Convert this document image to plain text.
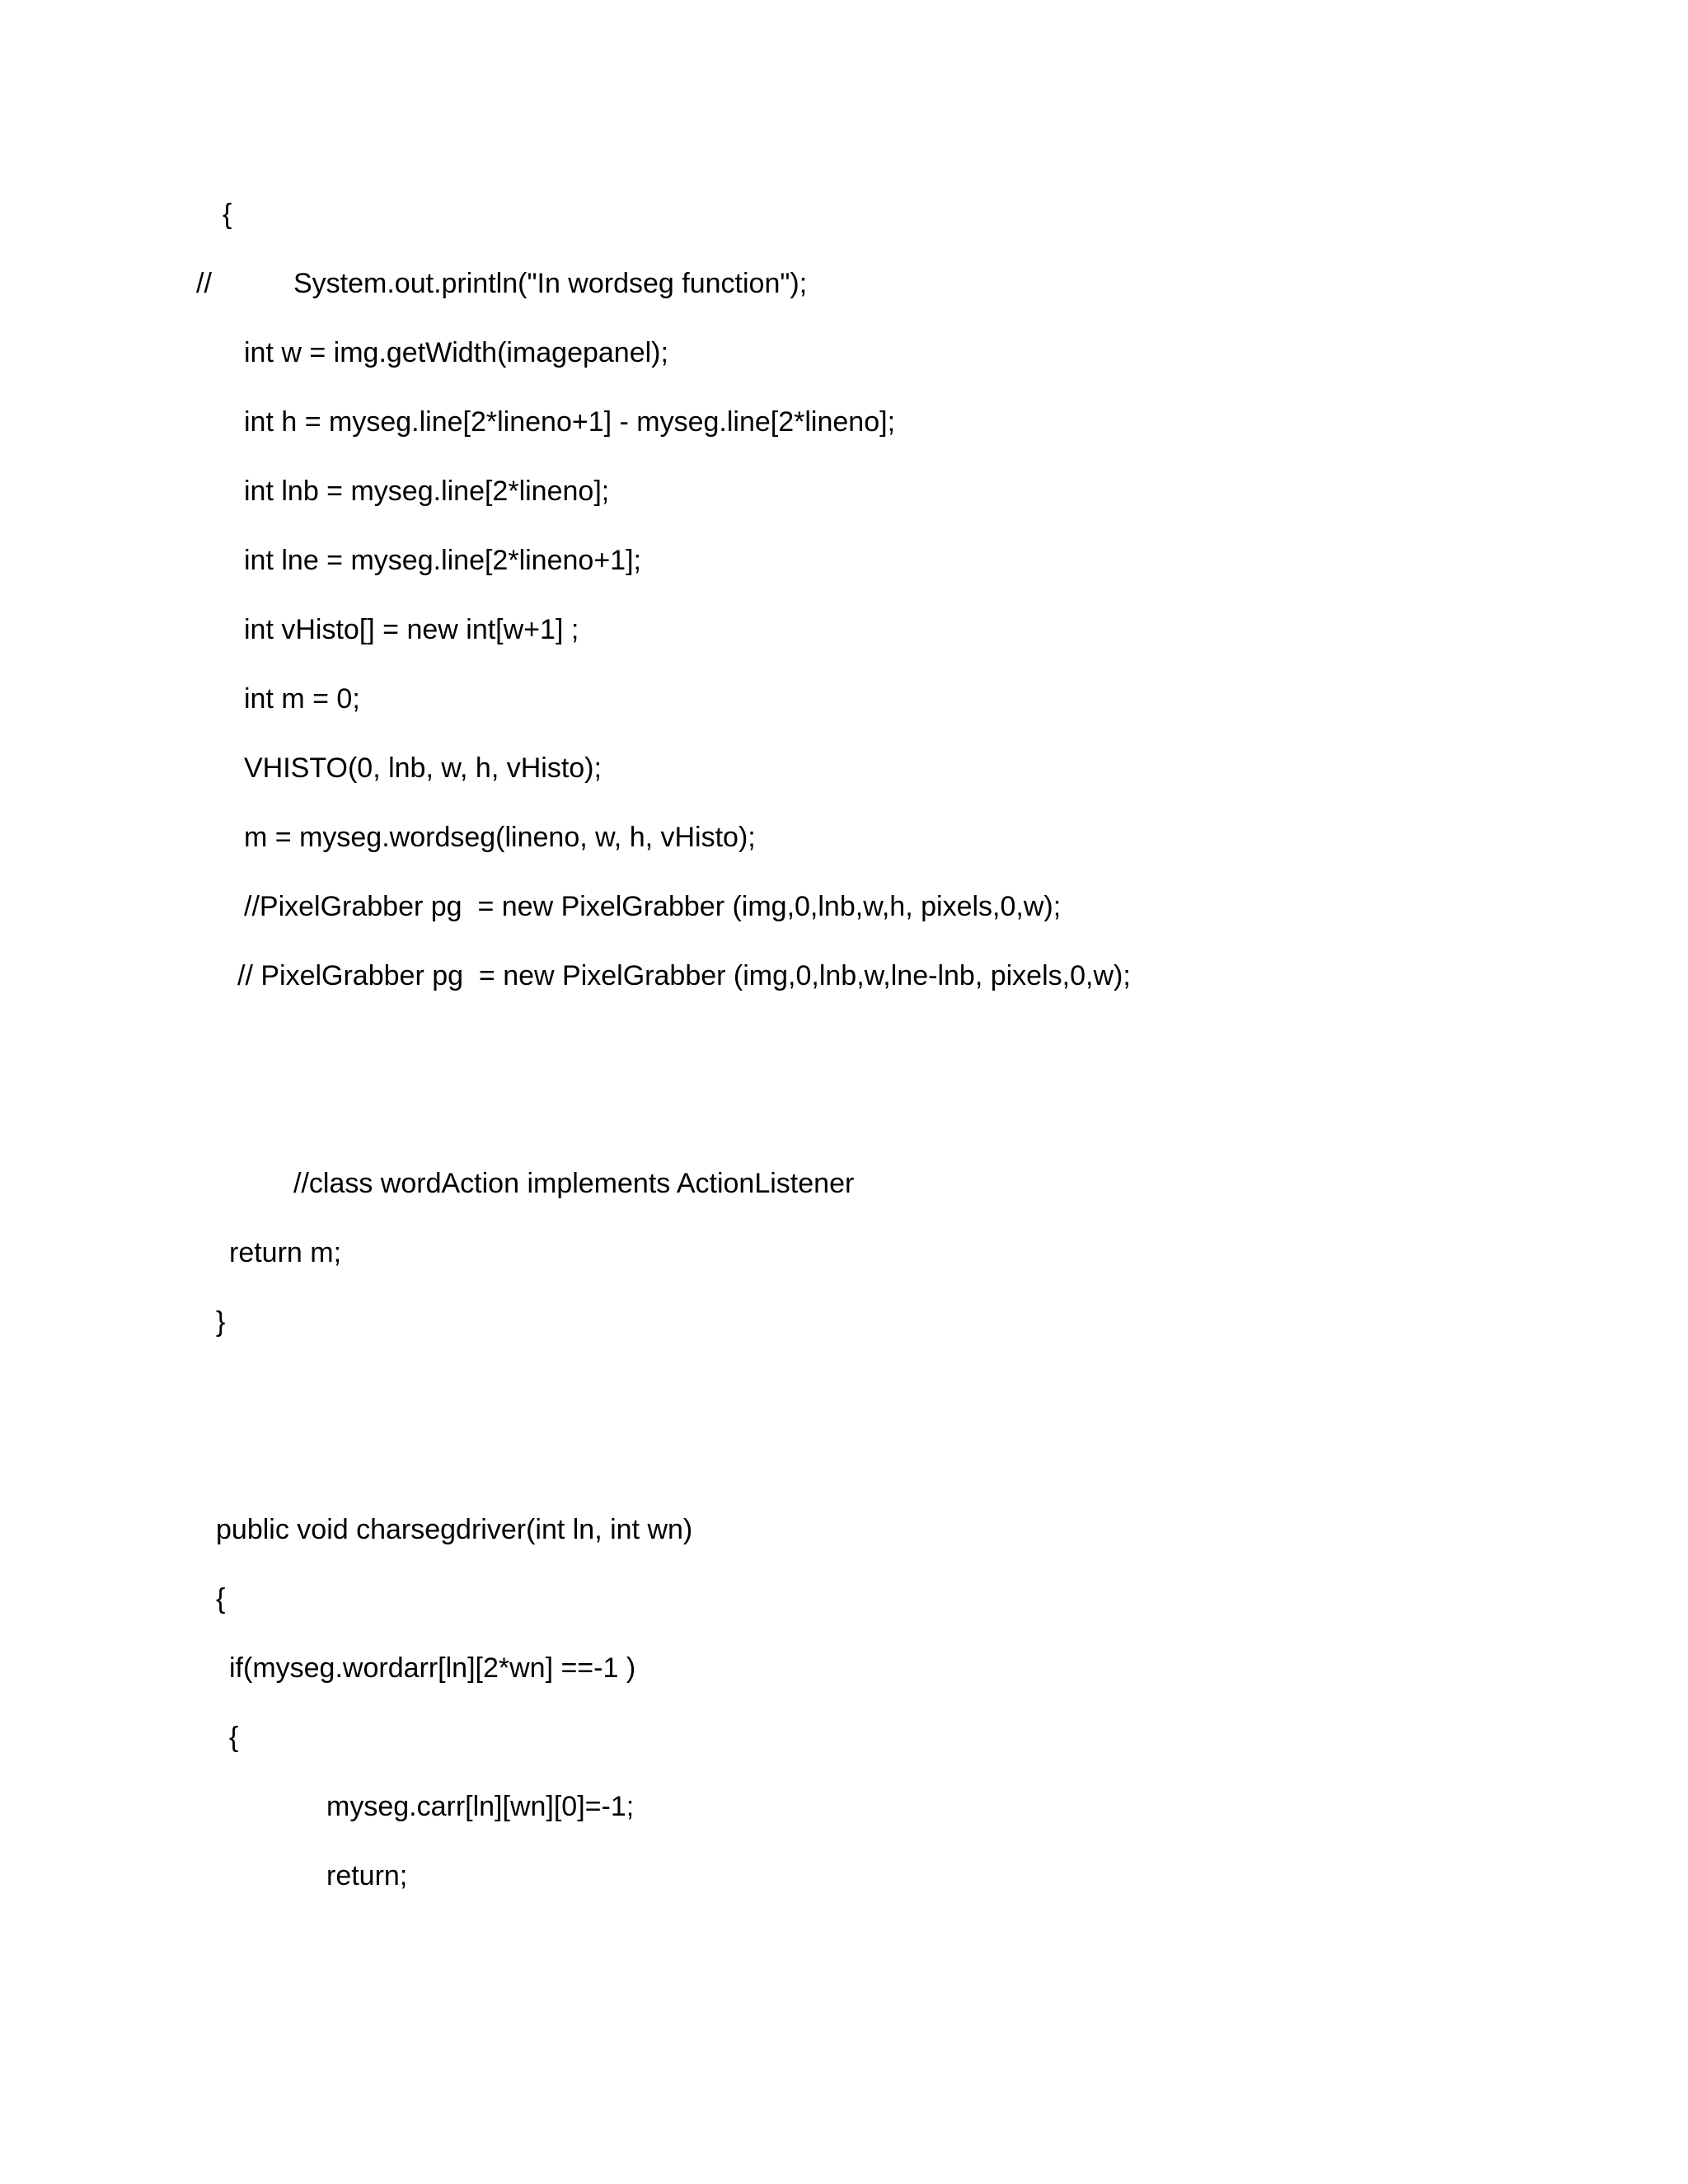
{
//	System.out.println("In wordseg function");
int w = img.getWidth(imagepanel);
int h = myseg.line[2*lineno+1] - myseg.line[2*lineno];
int lnb = myseg.line[2*lineno];
int lne = myseg.line[2*lineno+1];
int vHisto[] = new int[w+1] ;
int m = 0;
VHISTO(0, lnb, w, h, vHisto);
m = myseg.wordseg(lineno, w, h, vHisto);
//PixelGrabber pg  = new PixelGrabber (img,0,lnb,w,h, pixels,0,w);
// PixelGrabber pg  = new PixelGrabber (img,0,lnb,w,lne-lnb, pixels,0,w);
//class wordAction implements ActionListener
return m;
}
public void charsegdriver(int ln, int wn)
{
if(myseg.wordarr[ln][2*wn] ==-1 )
{
myseg.carr[ln][wn][0]=-1;
return;
